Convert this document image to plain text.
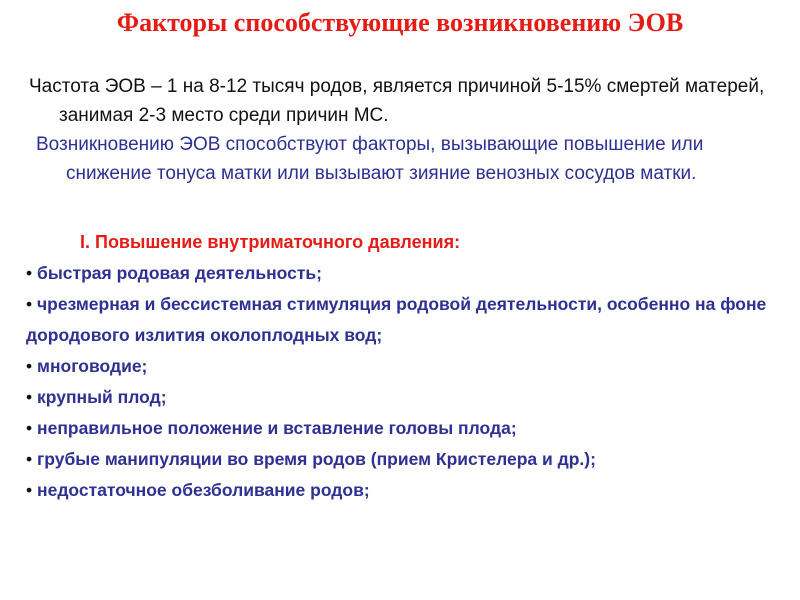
Факторы способствующие возникновению ЭОВ

Частота ЭОВ – 1 на 8-12 тысяч родов, является причиной 5-15% смертей матерей, занимая 2-3 место среди причин МС.

Возникновению ЭОВ способствуют факторы, вызывающие повышение или снижение тонуса матки или вызывают зияние венозных сосудов матки.

I. Повышение внутриматочного давления:
• быстрая родовая деятельность;
• чрезмерная и бессистемная стимуляция родовой деятельности, особенно на фоне дородового излития околоплодных вод;
• многоводие;
• крупный плод;
• неправильное положение и вставление головы плода;
• грубые манипуляции во время родов (прием Кристелера и др.);
• недостаточное обезболивание родов;
